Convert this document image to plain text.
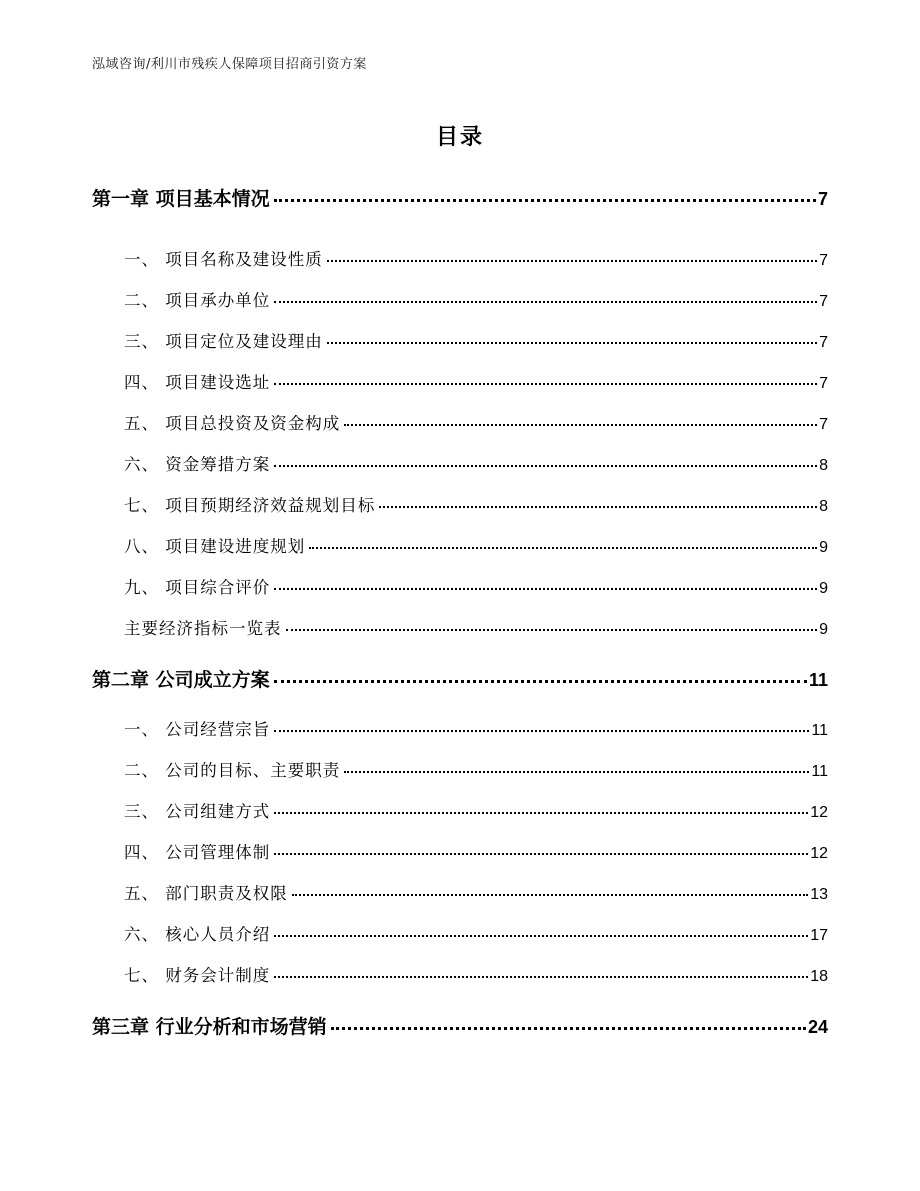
泓域咨询/利川市残疾人保障项目招商引资方案
目录
第一章 项目基本情况	7
一、 项目名称及建设性质	7
二、 项目承办单位	7
三、 项目定位及建设理由	7
四、 项目建设选址	7
五、 项目总投资及资金构成	7
六、 资金筹措方案	8
七、 项目预期经济效益规划目标	8
八、 项目建设进度规划	9
九、 项目综合评价	9
主要经济指标一览表	9
第二章 公司成立方案	11
一、 公司经营宗旨	11
二、 公司的目标、主要职责	11
三、 公司组建方式	12
四、 公司管理体制	12
五、 部门职责及权限	13
六、 核心人员介绍	17
七、 财务会计制度	18
第三章 行业分析和市场营销	24
